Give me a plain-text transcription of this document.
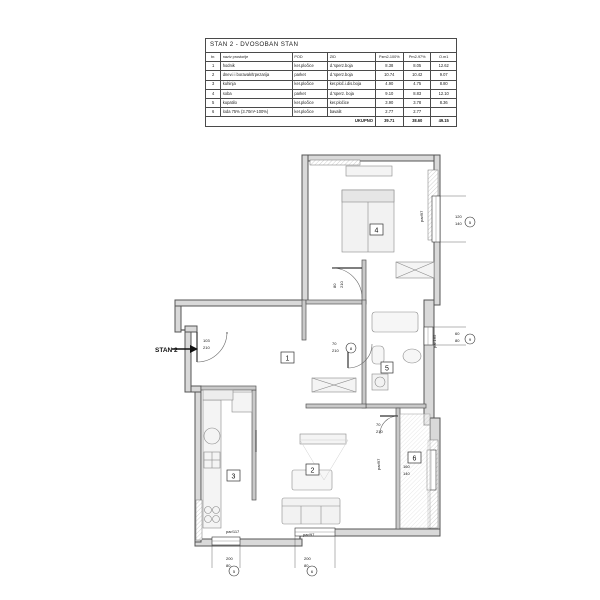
STAN 2 - DVOSOBAN STAN						
br.	naziv prostorije	POD	ZID	Pzm2-100%	Pm2-97%	O.m1
1	hodnik	ker.pločice	d.'sperz.boja	8.38	8.05	12.62
2	dnev.i i boravak/trpezarija	parket	d.'sperz.boja	10.74	10.42	9.07
3	kuhinja	ker.pločice	ker.ploč.i.dis.boja	4.90	4.75	8.80
4	soba	parket	d.'sperz. boja	9.10	8.83	12.10
5	kupatilo	ker.pločice	ker.pločice	3.90	3.78	8.36
6	loda 75% (3.70m²-100%)	ker.pločice	bavalit	2.77	2.77	
UKUPNO				39.71	38.60	49.15
1
2
3
4
5
6
STAN 2
103
210
70
210
80 210
120
140
60
80
160
140
70
210
par/97
par.165
par/97
par/117
par/97
200
80
200
80
5
9
8
5	6
